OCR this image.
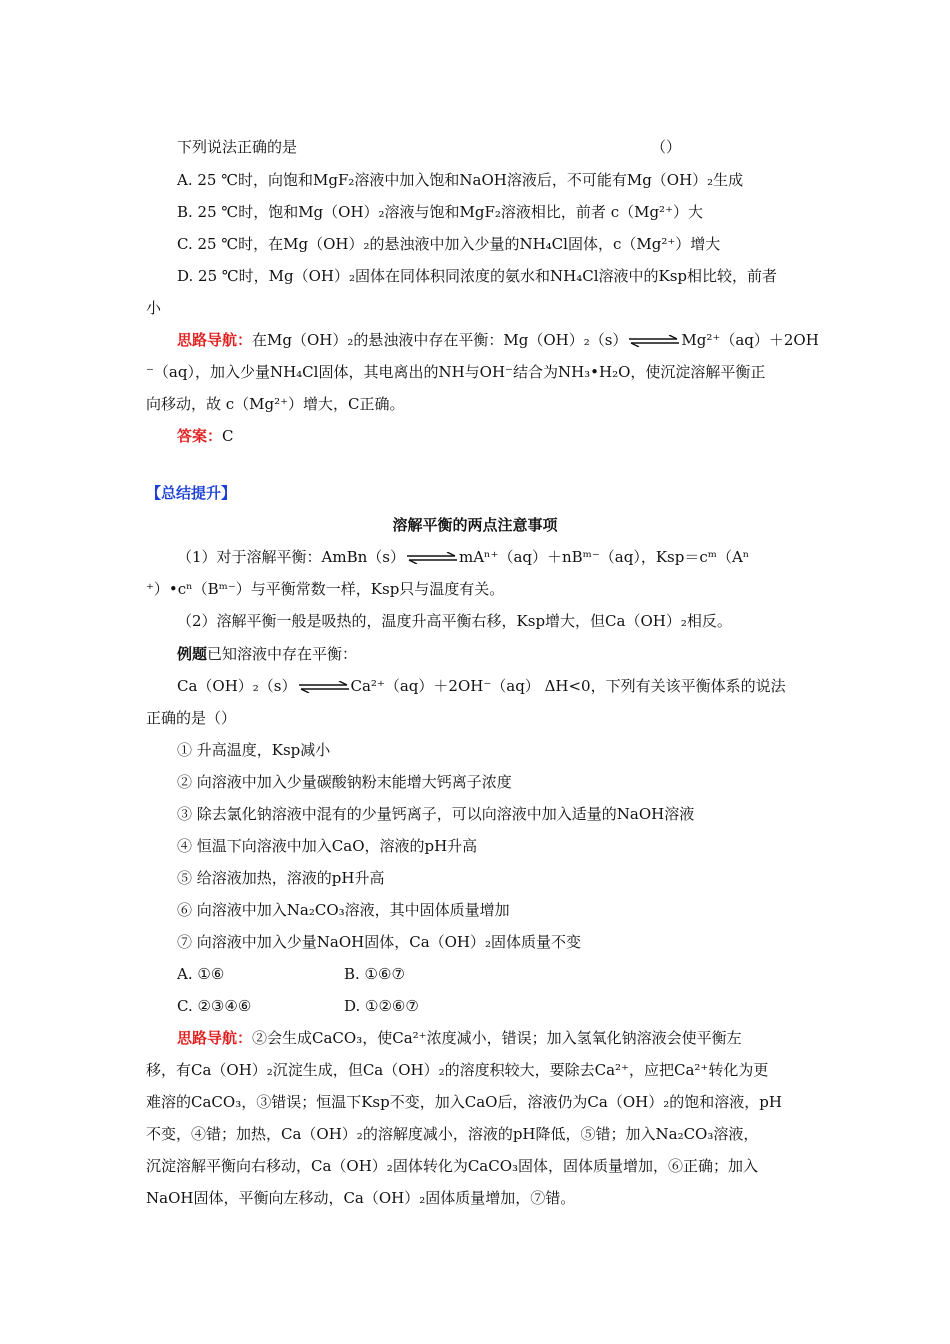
下列说法正确的是	（）
A. 25 ℃时，向饱和MgF₂溶液中加入饱和NaOH溶液后，不可能有Mg（OH）₂生成
B. 25 ℃时，饱和Mg（OH）₂溶液与饱和MgF₂溶液相比，前者 c（Mg²⁺）大
C. 25 ℃时，在Mg（OH）₂的悬浊液中加入少量的NH₄Cl固体，c（Mg²⁺）增大
D. 25 ℃时，Mg（OH）₂固体在同体积同浓度的氨水和NH₄Cl溶液中的Ksp相比较，前者
小
思路导航：在Mg（OH）₂的悬浊液中存在平衡：Mg（OH）₂（s） ⇌ Mg²⁺（aq）＋2OH
⁻（aq），加入少量NH₄Cl固体，其电离出的NH与OH⁻结合为NH₃•H₂O，使沉淀溶解平衡正
向移动，故 c（Mg²⁺）增大，C正确。
答案：C
【总结提升】
溶解平衡的两点注意事项
（1）对于溶解平衡：AmBn（s） ⇌ mAⁿ⁺（aq）＋nBᵐ⁻（aq），Ksp＝cᵐ（Aⁿ
⁺）•cⁿ（Bᵐ⁻）与平衡常数一样，Ksp只与温度有关。
（2）溶解平衡一般是吸热的，温度升高平衡右移，Ksp增大，但Ca（OH）₂相反。
例题已知溶液中存在平衡：
Ca（OH）₂（s） ⇌ Ca²⁺（aq）＋2OH⁻（aq） ΔH<0，下列有关该平衡体系的说法
正确的是（）
① 升高温度，Ksp减小
② 向溶液中加入少量碳酸钠粉末能增大钙离子浓度
③ 除去氯化钠溶液中混有的少量钙离子，可以向溶液中加入适量的NaOH溶液
④ 恒温下向溶液中加入CaO，溶液的pH升高
⑤ 给溶液加热，溶液的pH升高
⑥ 向溶液中加入Na₂CO₃溶液，其中固体质量增加
⑦ 向溶液中加入少量NaOH固体，Ca（OH）₂固体质量不变
A. ①⑥	B. ①⑥⑦
C. ②③④⑥	D. ①②⑥⑦
思路导航：②会生成CaCO₃，使Ca²⁺浓度减小，错误；加入氢氧化钠溶液会使平衡左
移，有Ca（OH）₂沉淀生成，但Ca（OH）₂的溶度积较大，要除去Ca²⁺，应把Ca²⁺转化为更
难溶的CaCO₃，③错误；恒温下Ksp不变，加入CaO后，溶液仍为Ca（OH）₂的饱和溶液，pH
不变，④错；加热，Ca（OH）₂的溶解度减小，溶液的pH降低，⑤错；加入Na₂CO₃溶液，
沉淀溶解平衡向右移动，Ca（OH）₂固体转化为CaCO₃固体，固体质量增加，⑥正确；加入
NaOH固体，平衡向左移动，Ca（OH）₂固体质量增加，⑦错。
